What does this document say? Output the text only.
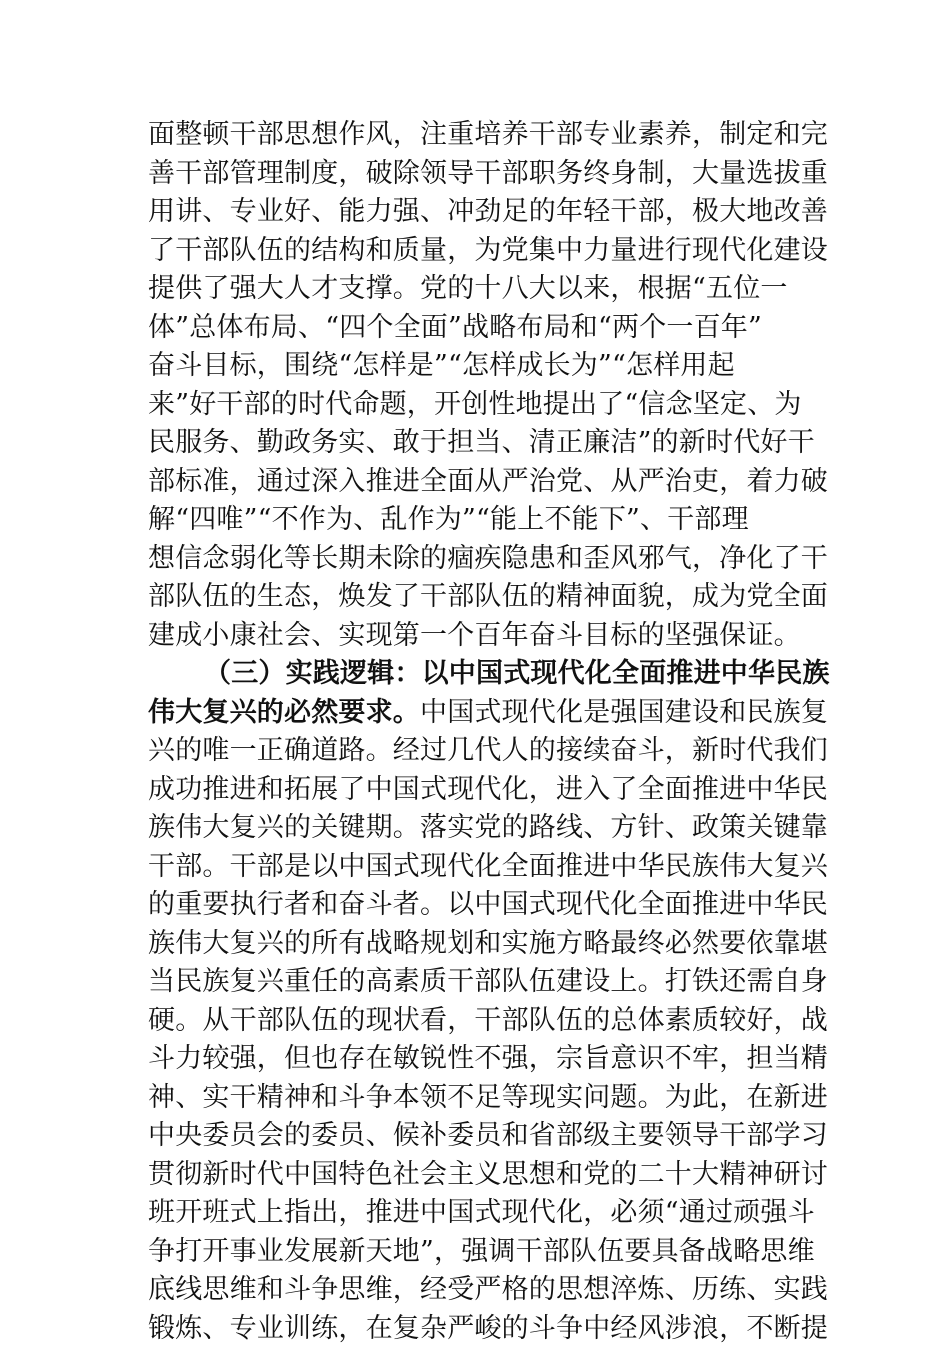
面整顿干部思想作风，注重培养干部专业素养，制定和完
善干部管理制度，破除领导干部职务终身制，大量选拔重
用讲、专业好、能力强、冲劲足的年轻干部，极大地改善
了干部队伍的结构和质量，为党集中力量进行现代化建设
提供了强大人才支撑。党的十八大以来，根据“五位一
体”总体布局、“四个全面”战略布局和“两个一百年”
奋斗目标，围绕“怎样是”“怎样成长为”“怎样用起
来”好干部的时代命题，开创性地提出了“信念坚定、为
民服务、勤政务实、敢于担当、清正廉洁”的新时代好干
部标准，通过深入推进全面从严治党、从严治吏，着力破
解“四唯”“不作为、乱作为”“能上不能下”、干部理
想信念弱化等长期未除的痼疾隐患和歪风邪气，净化了干
部队伍的生态，焕发了干部队伍的精神面貌，成为党全面
建成小康社会、实现第一个百年奋斗目标的坚强保证。
（三）实践逻辑：以中国式现代化全面推进中华民族
伟大复兴的必然要求。中国式现代化是强国建设和民族复
兴的唯一正确道路。经过几代人的接续奋斗，新时代我们
成功推进和拓展了中国式现代化，进入了全面推进中华民
族伟大复兴的关键期。落实党的路线、方针、政策关键靠
干部。干部是以中国式现代化全面推进中华民族伟大复兴
的重要执行者和奋斗者。以中国式现代化全面推进中华民
族伟大复兴的所有战略规划和实施方略最终必然要依靠堪
当民族复兴重任的高素质干部队伍建设上。打铁还需自身
硬。从干部队伍的现状看，干部队伍的总体素质较好，战
斗力较强，但也存在敏锐性不强，宗旨意识不牢，担当精
神、实干精神和斗争本领不足等现实问题。为此，在新进
中央委员会的委员、候补委员和省部级主要领导干部学习
贯彻新时代中国特色社会主义思想和党的二十大精神研讨
班开班式上指出，推进中国式现代化，必须“通过顽强斗
争打开事业发展新天地”，强调干部队伍要具备战略思维
底线思维和斗争思维，经受严格的思想淬炼、历练、实践
锻炼、专业训练，在复杂严峻的斗争中经风涉浪，不断提
